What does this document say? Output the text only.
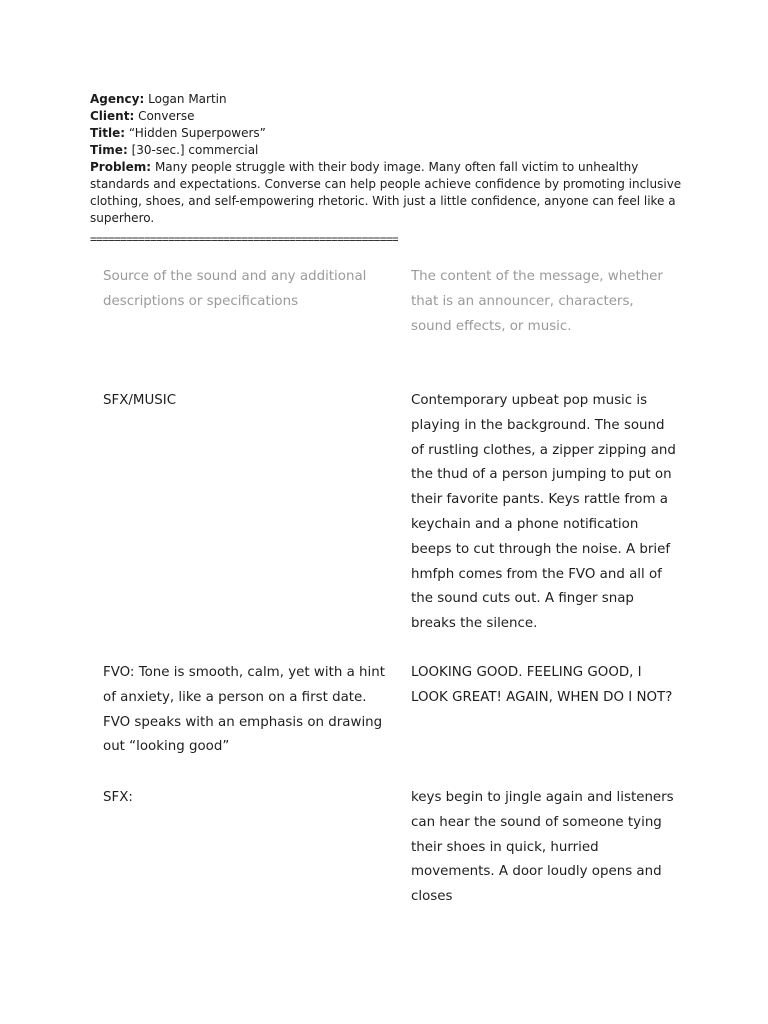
Agency: Logan Martin
Client: Converse
Title: “Hidden Superpowers”
Time: [30-sec.] commercial
Problem: Many people struggle with their body image. Many often fall victim to unhealthy standards and expectations. Converse can help people achieve confidence by promoting inclusive clothing, shoes, and self-empowering rhetoric. With just a little confidence, anyone can feel like a superhero.
===================================================
Source of the sound and any additional descriptions or specifications
The content of the message, whether that is an announcer, characters, sound effects, or music.
SFX/MUSIC	Contemporary upbeat pop music is playing in the background. The sound of rustling clothes, a zipper zipping and the thud of a person jumping to put on their favorite pants. Keys rattle from a keychain and a phone notification beeps to cut through the noise. A brief hmfph comes from the FVO and all of the sound cuts out. A finger snap breaks the silence.
FVO: Tone is smooth, calm, yet with a hint of anxiety, like a person on a first date. FVO speaks with an emphasis on drawing out “looking good”
LOOKING GOOD. FEELING GOOD, I LOOK GREAT! AGAIN, WHEN DO I NOT?
SFX:	keys begin to jingle again and listeners can hear the sound of someone tying their shoes in quick, hurried movements. A door loudly opens and closes
